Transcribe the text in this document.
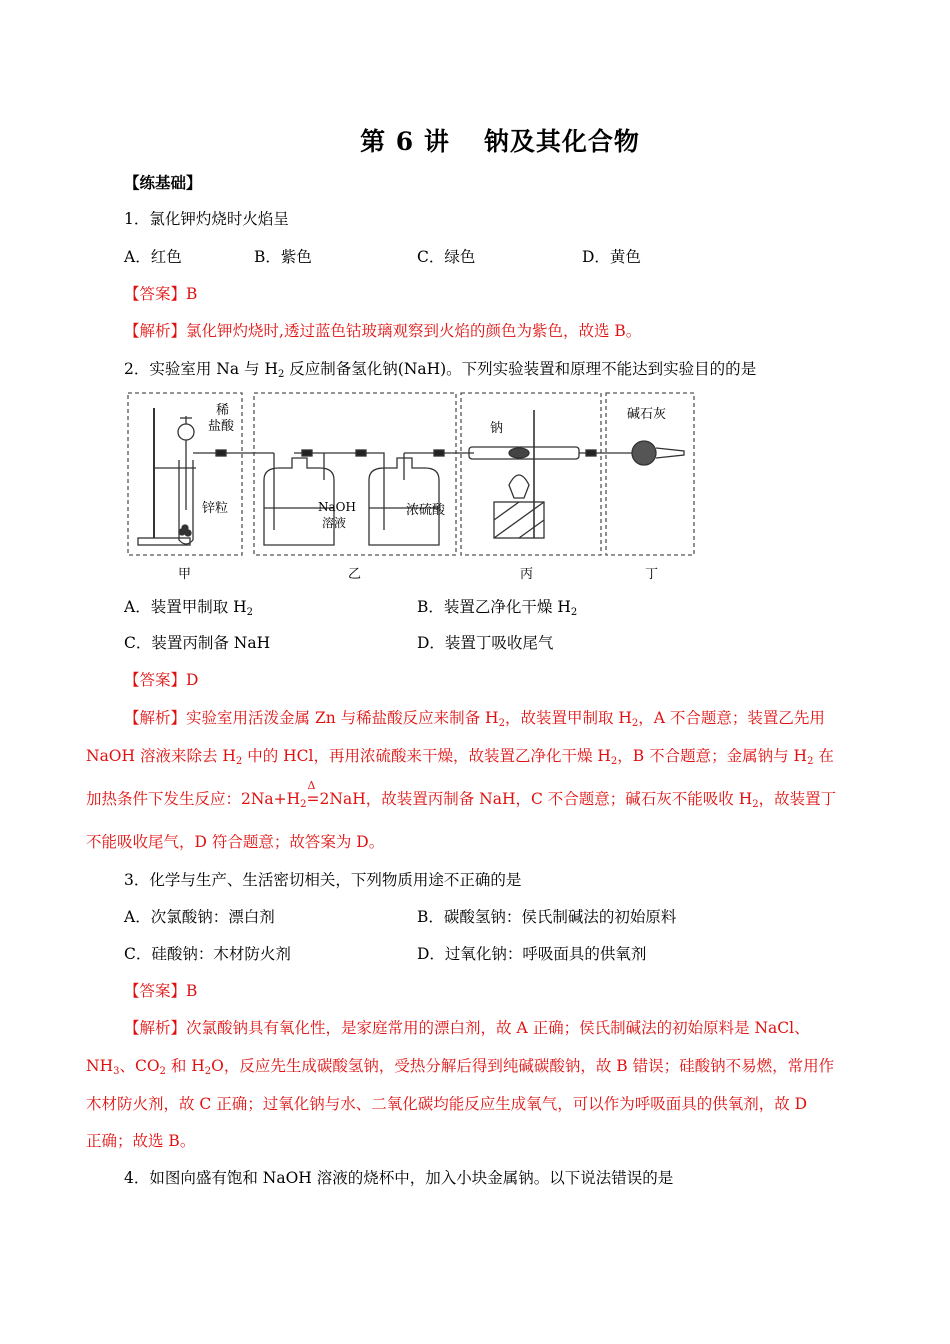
第 6 讲 钠及其化合物
【练基础】
1．氯化钾灼烧时火焰呈
A．红色	B．紫色	C．绿色	D．黄色
【答案】B
【解析】氯化钾灼烧时,透过蓝色钴玻璃观察到火焰的颜色为紫色，故选 B。
2．实验室用 Na 与 $H_2$ 反应制备氢化钠(NaH)。下列实验装置和原理不能达到实验目的的是
稀
盐酸
锌粒	NaOH
溶液
浓硫酸
钠
碱石灰
甲	乙	丙	丁
A．装置甲制取 $H_2$	B．装置乙净化干燥 $H_2$
C．装置丙制备 NaH	D．装置丁吸收尾气
【答案】D
【解析】实验室用活泼金属 Zn 与稀盐酸反应来制备 $H_2$，故装置甲制取 $H_2$，A 不合题意；装置乙先用
NaOH 溶液来除去 $H_2$ 中的 HCl，再用浓硫酸来干燥，故装置乙净化干燥 $H_2$，B 不合题意；金属钠与 $H_2$ 在
加热条件下发生反应：$2Na+H_2$
Δ
=2NaH，故装置丙制备 NaH，C 不合题意；碱石灰不能吸收 $H_2$，故装置丁
不能吸收尾气，D 符合题意；故答案为 D。
3．化学与生产、生活密切相关，下列物质用途不正确的是
A．次氯酸钠：漂白剂	B．碳酸氢钠：侯氏制碱法的初始原料
C．硅酸钠：木材防火剂	D．过氧化钠：呼吸面具的供氧剂
【答案】B
【解析】次氯酸钠具有氧化性，是家庭常用的漂白剂，故 A 正确；侯氏制碱法的初始原料是 NaCl、
$NH_3$、$CO_2$ 和 $H_2O$，反应先生成碳酸氢钠，受热分解后得到纯碱碳酸钠，故 B 错误；硅酸钠不易燃，常用作
木材防火剂，故 C 正确；过氧化钠与水、二氧化碳均能反应生成氧气，可以作为呼吸面具的供氧剂，故 D
正确；故选 B。
4．如图向盛有饱和 NaOH 溶液的烧杯中，加入小块金属钠。以下说法错误的是
